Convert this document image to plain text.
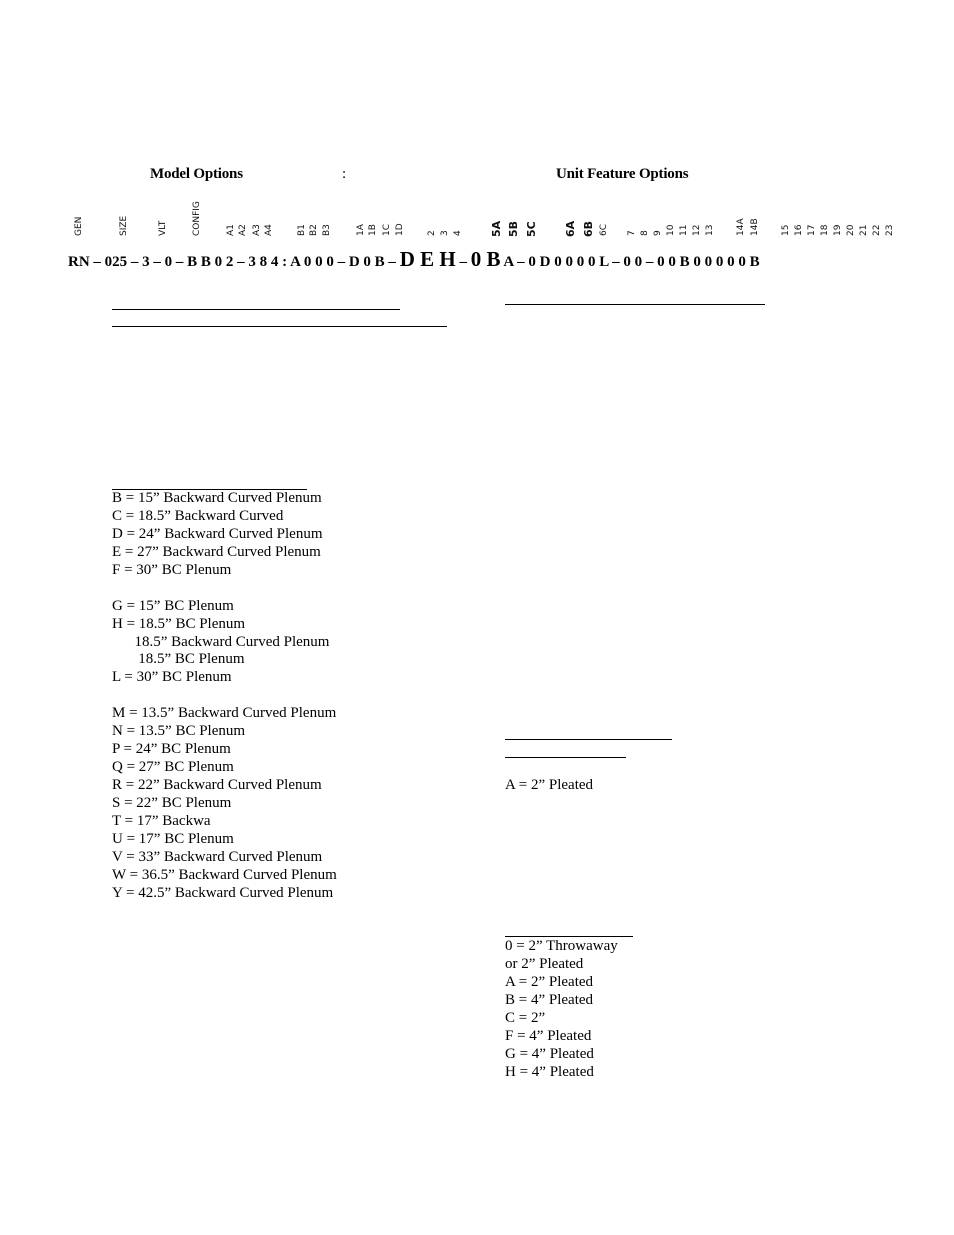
Model Options	:	Unit Feature Options
GEN	SIZE	VLT	CONFIG	A1 A2 A3 A4	B1 B2 B3	1A 1B 1C 1D 2 3 4 5A 5B 5C 6A 6B 6C 7 8 9 10 11 12 13 14A 14B 15 16 17 18 19 20 21 22 23
RN – 025 – 3 – 0 – B B 0 2 – 3 8 4 : A 0 0 0 – D 0 B – D E H – 0 B A – 0 D 0 0 0 0 L – 0 0 – 0 0 B 0 0 0 0 0 B
B = 15” Backward Curved Plenum
C = 18.5” Backward Curved
D = 24” Backward Curved Plenum
E = 27” Backward Curved Plenum
F = 30” BC Plenum
G = 15” BC Plenum
H = 18.5” BC Plenum
18.5” Backward Curved Plenum
18.5” BC Plenum
L = 30” BC Plenum
M = 13.5” Backward Curved Plenum
N = 13.5” BC Plenum
P = 24” BC Plenum
Q = 27” BC Plenum
R = 22” Backward Curved Plenum
S = 22” BC Plenum
T = 17” Backwa
U = 17” BC Plenum
V = 33” Backward Curved Plenum
W = 36.5” Backward Curved Plenum
Y = 42.5” Backward Curved Plenum
A = 2” Pleated
0 = 2” Throwaway
or 2” Pleated
A = 2” Pleated
B = 4” Pleated
C = 2”
F = 4” Pleated
G = 4” Pleated
H = 4” Pleated
